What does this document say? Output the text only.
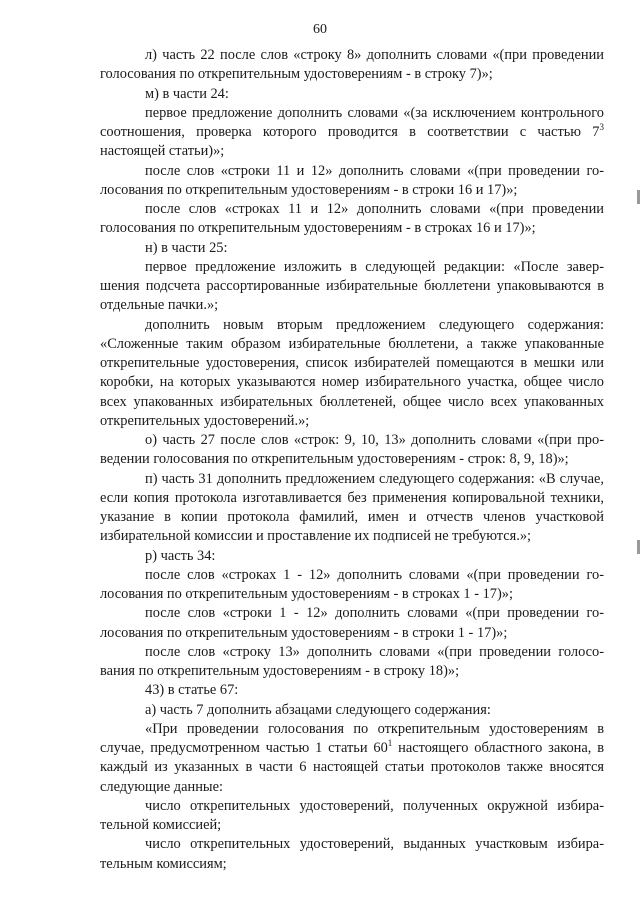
60

л) часть 22 после слов «строку 8» дополнить словами «(при проведении голосования по открепительным удостоверениям - в строку 7)»;

м) в части 24:

первое предложение дополнить словами «(за исключением контрольного соотношения, проверка которого проводится в соответствии с частью $7^3$ настоящей статьи)»;

после слов «строки 11 и 12» дополнить словами «(при проведении голосования по открепительным удостоверениям - в строки 16 и 17)»;

после слов «строках 11 и 12» дополнить словами «(при проведении голосования по открепительным удостоверениям - в строках 16 и 17)»;

н) в части 25:

первое предложение изложить в следующей редакции: «После завершения подсчета рассортированные избирательные бюллетени упаковываются в отдельные пачки.»;

дополнить новым вторым предложением следующего содержания: «Сложенные таким образом избирательные бюллетени, а также упакованные открепительные удостоверения, список избирателей помещаются в мешки или коробки, на которых указываются номер избирательного участка, общее число всех упакованных избирательных бюллетеней, общее число всех упакованных открепительных удостоверений.»;

о) часть 27 после слов «строк: 9, 10, 13» дополнить словами «(при проведении голосования по открепительным удостоверениям - строк: 8, 9, 18)»;

п) часть 31 дополнить предложением следующего содержания: «В случае, если копия протокола изготавливается без применения копировальной техники, указание в копии протокола фамилий, имен и отчеств членов участковой избирательной комиссии и проставление их подписей не требуются.»;

р) часть 34:

после слов «строках 1 - 12» дополнить словами «(при проведении голосования по открепительным удостоверениям - в строках 1 - 17)»;

после слов «строки 1 - 12» дополнить словами «(при проведении голосования по открепительным удостоверениям - в строки 1 - 17)»;

после слов «строку 13» дополнить словами «(при проведении голосования по открепительным удостоверениям - в строку 18)»;

43) в статье 67:

а) часть 7 дополнить абзацами следующего содержания:

«При проведении голосования по открепительным удостоверениям в случае, предусмотренном частью 1 статьи $60^1$ настоящего областного закона, в каждый из указанных в части 6 настоящей статьи протоколов также вносятся следующие данные:

число открепительных удостоверений, полученных окружной избирательной комиссией;

число открепительных удостоверений, выданных участковым избирательным комиссиям;
